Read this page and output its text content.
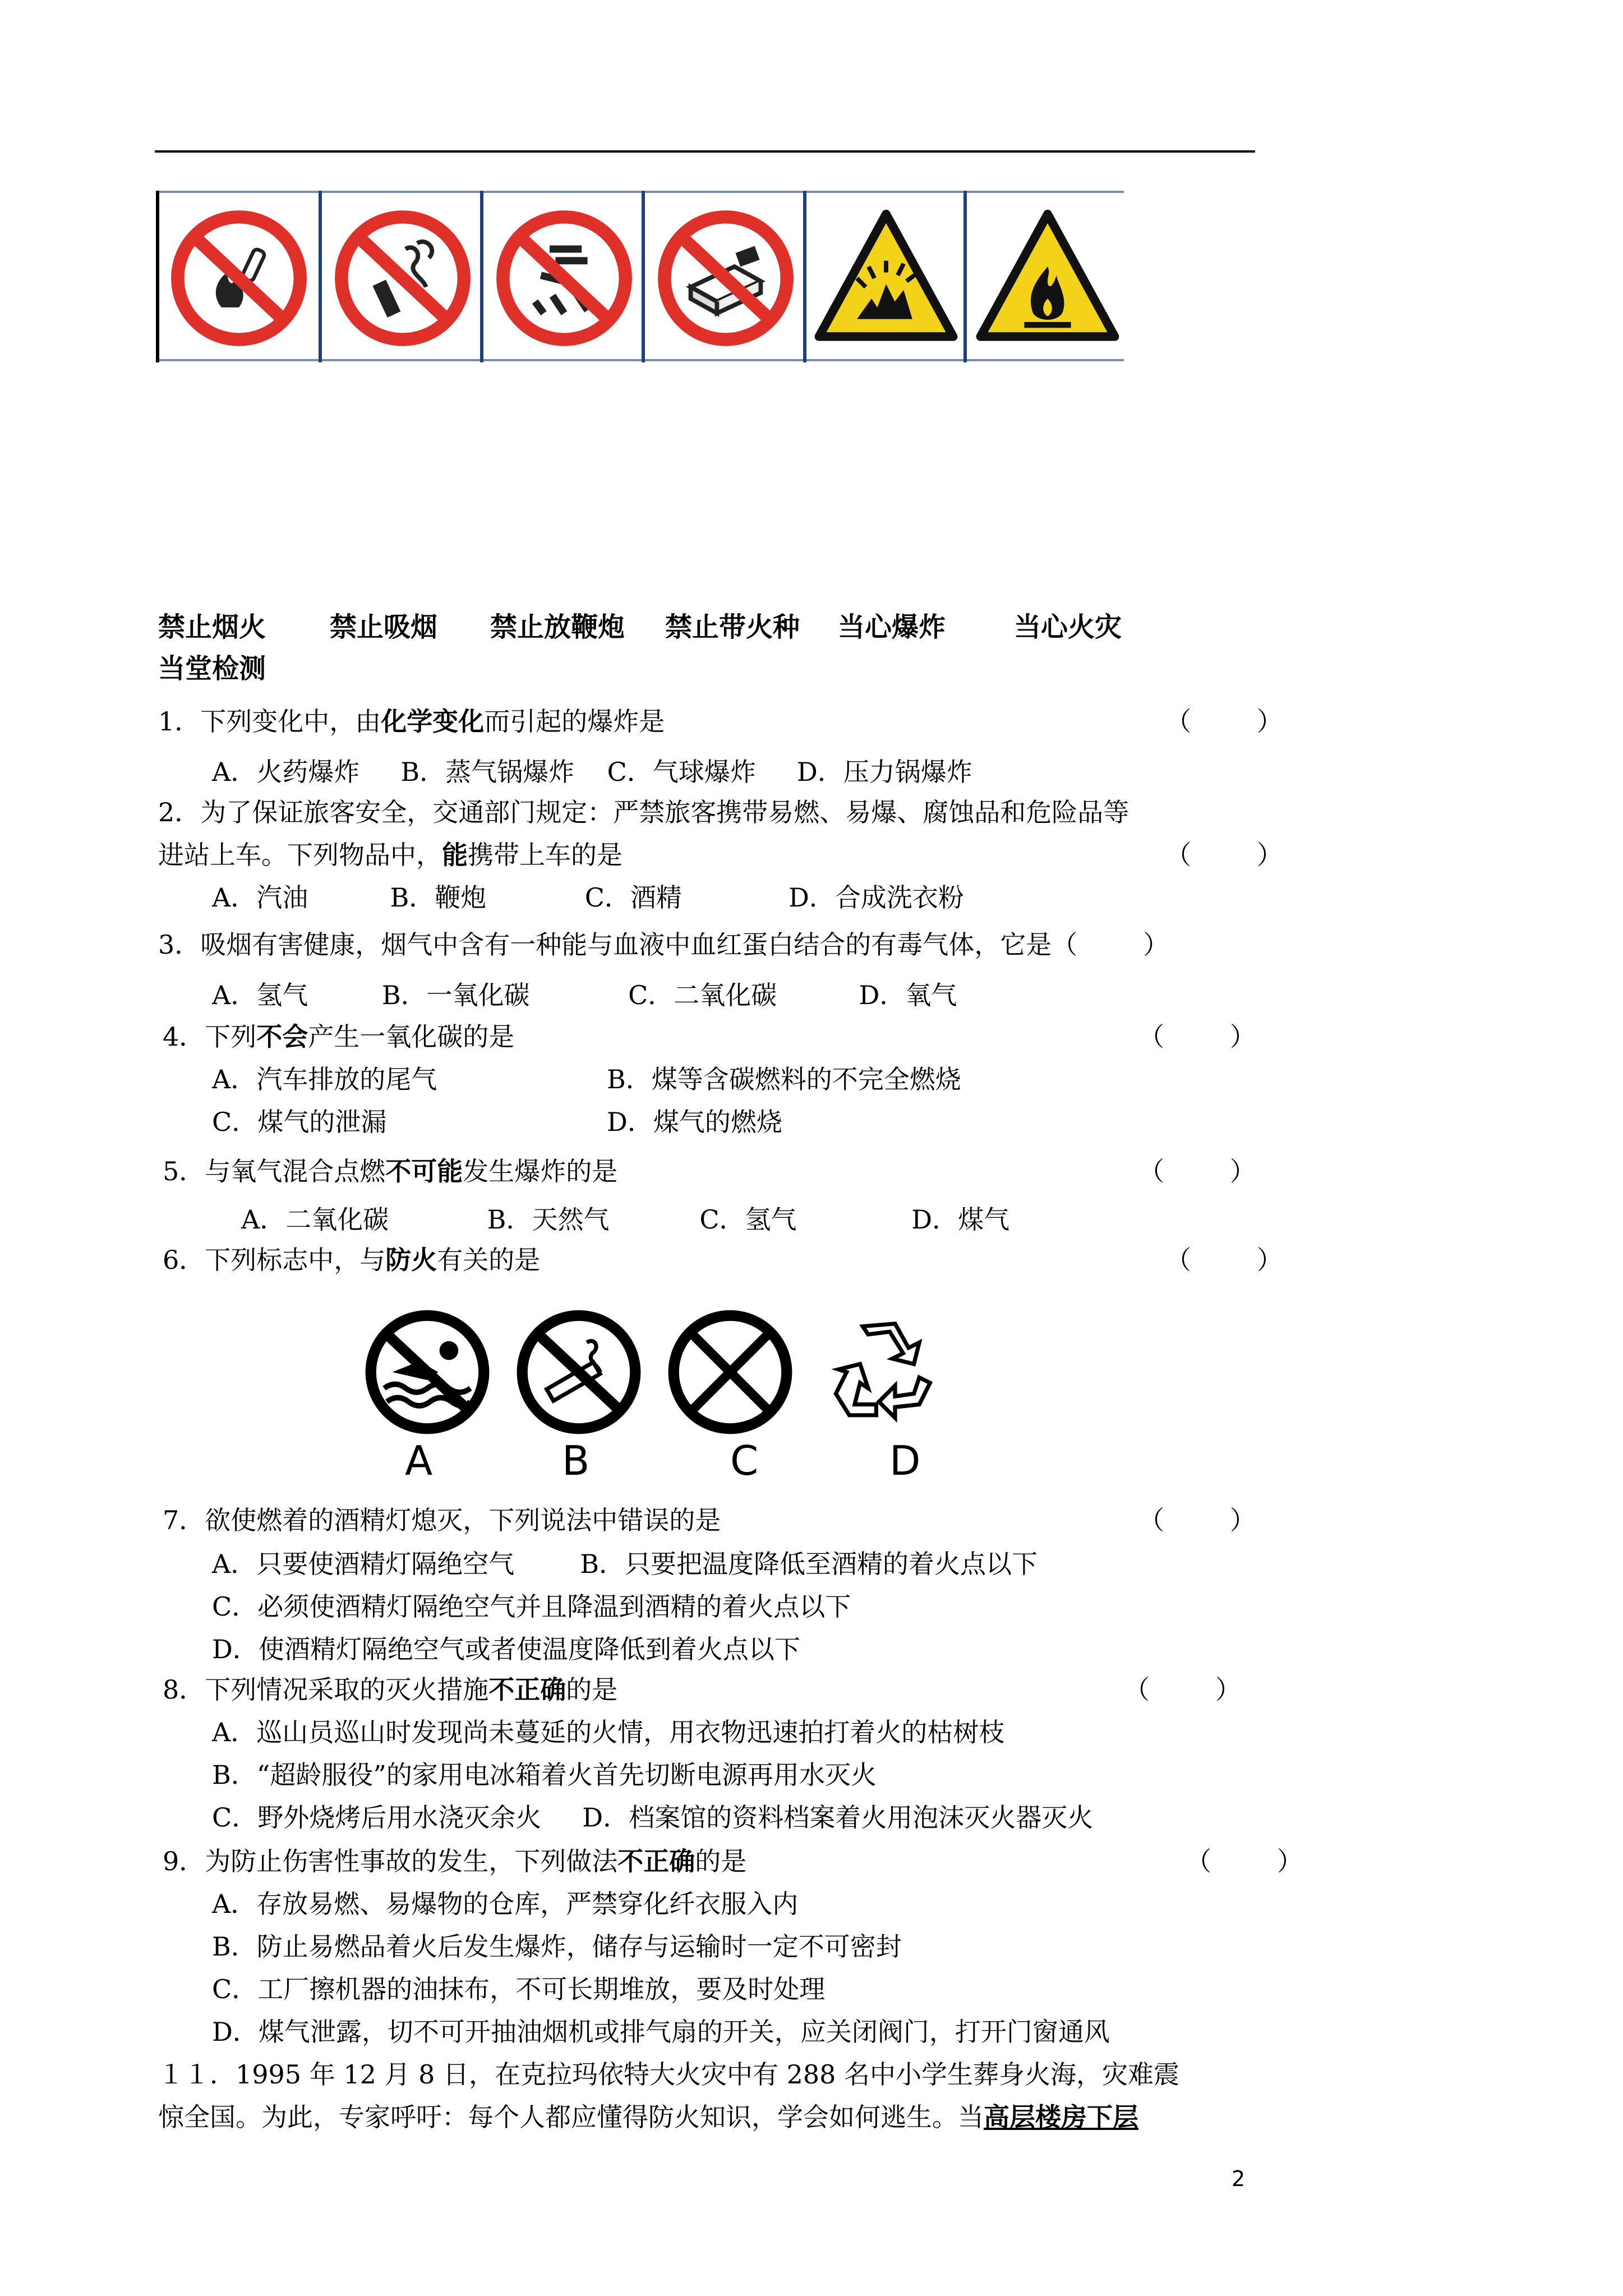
禁止烟火 禁止吸烟 禁止放鞭炮 禁止带火种 当心爆炸	当心火灾
当堂检测
1．下列变化中，由化学变化而引起的爆炸是	（        ）
A．火药爆炸     B．蒸气锅爆炸    C．气球爆炸     D．压力锅爆炸
2．为了保证旅客安全，交通部门规定：严禁旅客携带易燃、易爆、腐蚀品和危险品等
进站上车。下列物品中，能携带上车的是	（        ）
A．汽油          B．鞭炮            C．酒精             D．合成洗衣粉
3．吸烟有害健康，烟气中含有一种能与血液中血红蛋白结合的有毒气体，它是（        ）
A．氢气         B．一氧化碳            C．二氧化碳          D．氧气
4．下列不会产生一氧化碳的是	（        ）
A．汽车排放的尾气	B．煤等含碳燃料的不完全燃烧
C．煤气的泄漏	D．煤气的燃烧
5．与氧气混合点燃不可能发生爆炸的是	（        ）
A．二氧化碳            B．天然气           C．氢气              D．煤气
6．下列标志中，与防火有关的是	（        ）
A	B	C	D
7．欲使燃着的酒精灯熄灭，下列说法中错误的是	（        ）
A．只要使酒精灯隔绝空气        B．只要把温度降低至酒精的着火点以下
C．必须使酒精灯隔绝空气并且降温到酒精的着火点以下
D．使酒精灯隔绝空气或者使温度降低到着火点以下
8．下列情况采取的灭火措施不正确的是	（        ）
A．巡山员巡山时发现尚未蔓延的火情，用衣物迅速拍打着火的枯树枝
B．“超龄服役”的家用电冰箱着火首先切断电源再用水灭火
C．野外烧烤后用水浇灭余火     D．档案馆的资料档案着火用泡沫灭火器灭火
9．为防止伤害性事故的发生，下列做法不正确的是	（        ）
A．存放易燃、易爆物的仓库，严禁穿化纤衣服入内
B．防止易燃品着火后发生爆炸，储存与运输时一定不可密封
C．工厂擦机器的油抹布，不可长期堆放，要及时处理
D．煤气泄露，切不可开抽油烟机或排气扇的开关，应关闭阀门，打开门窗通风
１１．1995 年 12 月 8 日，在克拉玛依特大火灾中有 288 名中小学生葬身火海，灾难震
惊全国。为此，专家呼吁：每个人都应懂得防火知识，学会如何逃生。当高层楼房下层
2
